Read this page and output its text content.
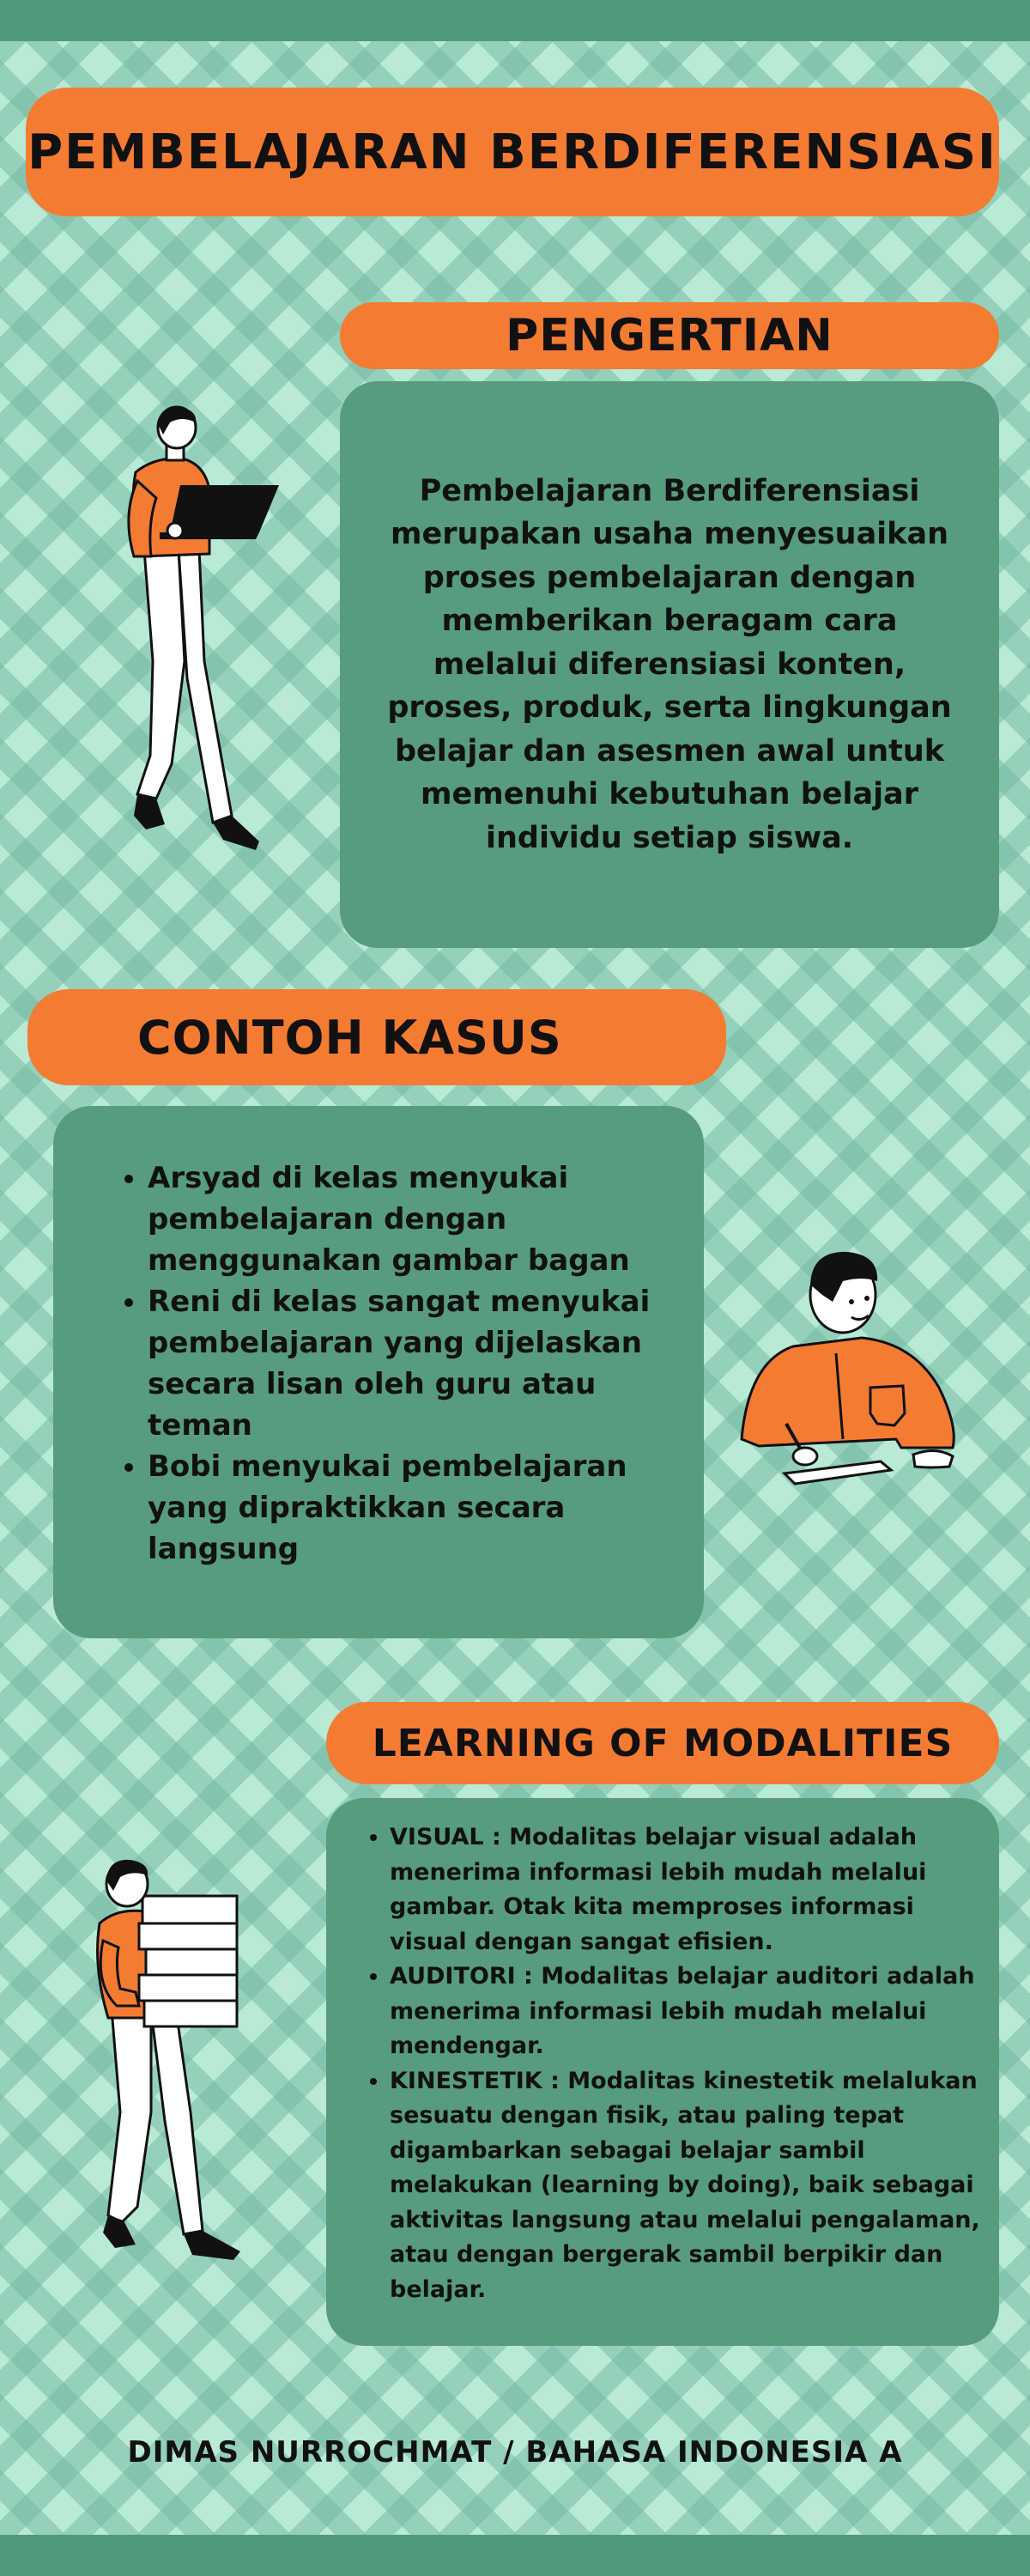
PEMBELAJARAN BERDIFERENSIASI
PENGERTIAN
Pembelajaran Berdiferensiasi merupakan usaha menyesuaikan proses pembelajaran dengan memberikan beragam cara melalui diferensiasi konten, proses, produk, serta lingkungan belajar dan asesmen awal untuk memenuhi kebutuhan belajar individu setiap siswa.
CONTOH KASUS
• Arsyad di kelas menyukai pembelajaran dengan menggunakan gambar bagan
• Reni di kelas sangat menyukai pembelajaran yang dijelaskan secara lisan oleh guru atau teman
• Bobi menyukai pembelajaran yang dipraktikkan secara langsung
LEARNING OF MODALITIES
• VISUAL : Modalitas belajar visual adalah menerima informasi lebih mudah melalui gambar. Otak kita memproses informasi visual dengan sangat efisien.
• AUDITORI : Modalitas belajar auditori adalah menerima informasi lebih mudah melalui mendengar.
• KINESTETIK : Modalitas kinestetik melalukan sesuatu dengan fisik, atau paling tepat digambarkan sebagai belajar sambil melakukan (learning by doing), baik sebagai aktivitas langsung atau melalui pengalaman, atau dengan bergerak sambil berpikir dan belajar.
DIMAS NURROCHMAT / BAHASA INDONESIA A
